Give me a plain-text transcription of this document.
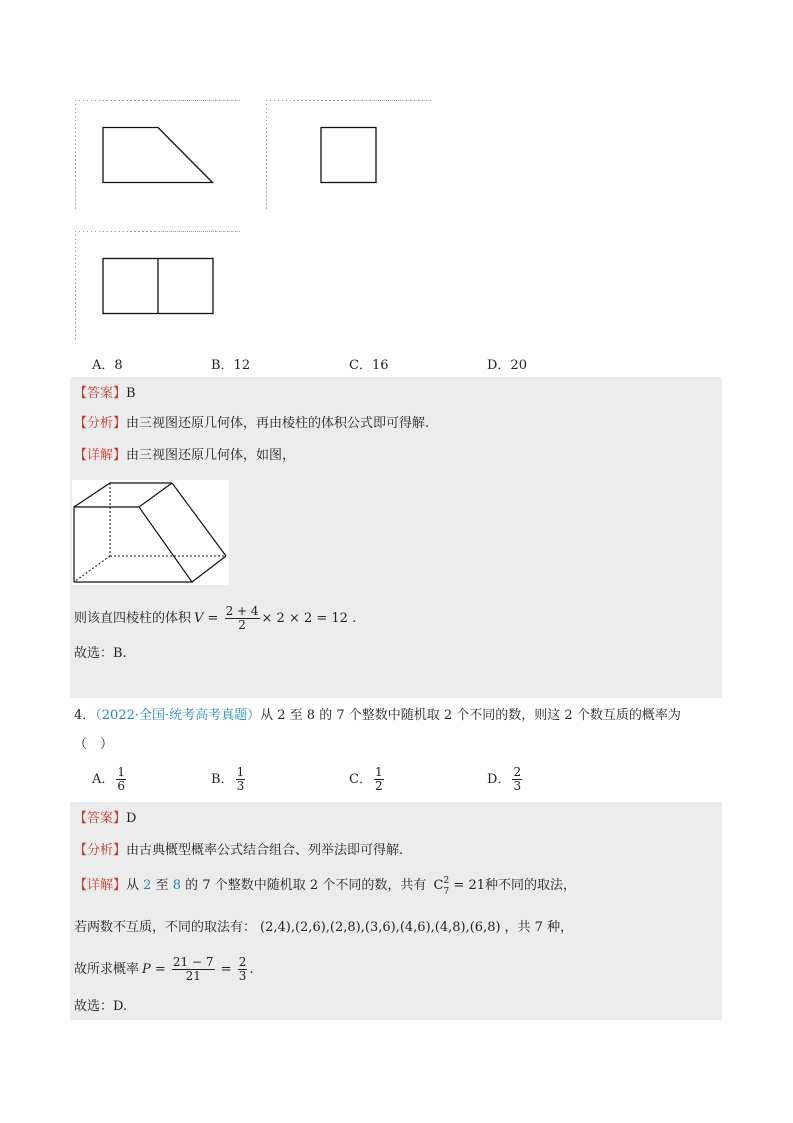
A．8	B．12	C．16	D．20
【答案】B
【分析】由三视图还原几何体，再由棱柱的体积公式即可得解.
【详解】由三视图还原几何体，如图，
则该直四棱柱的体积 $V = \frac{2 + 4}{2} \times 2 \times 2 = 12$ .
故选：B.
4．（2022·全国·统考高考真题）从 2 至 8 的 7 个整数中随机取 2 个不同的数，则这 2 个数互质的概率为
（　）
A． $\frac{1}{6}$	B． $\frac{1}{3}$	C． $\frac{1}{2}$	D． $\frac{2}{3}$
【答案】D
【分析】由古典概型概率公式结合组合、列举法即可得解.
【详解】从 2 至 8 的 7 个整数中随机取 2 个不同的数，共有 C 2
7 = 21种不同的取法，
若两数不互质，不同的取法有： (2,4),(2,6),(2,8),(3,6),(4,6),(4,8),(6,8) ，共 7 种，
故所求概率 $P = \frac{21 - 7}{21} = \frac{2}{3}$ .
故选：D.
